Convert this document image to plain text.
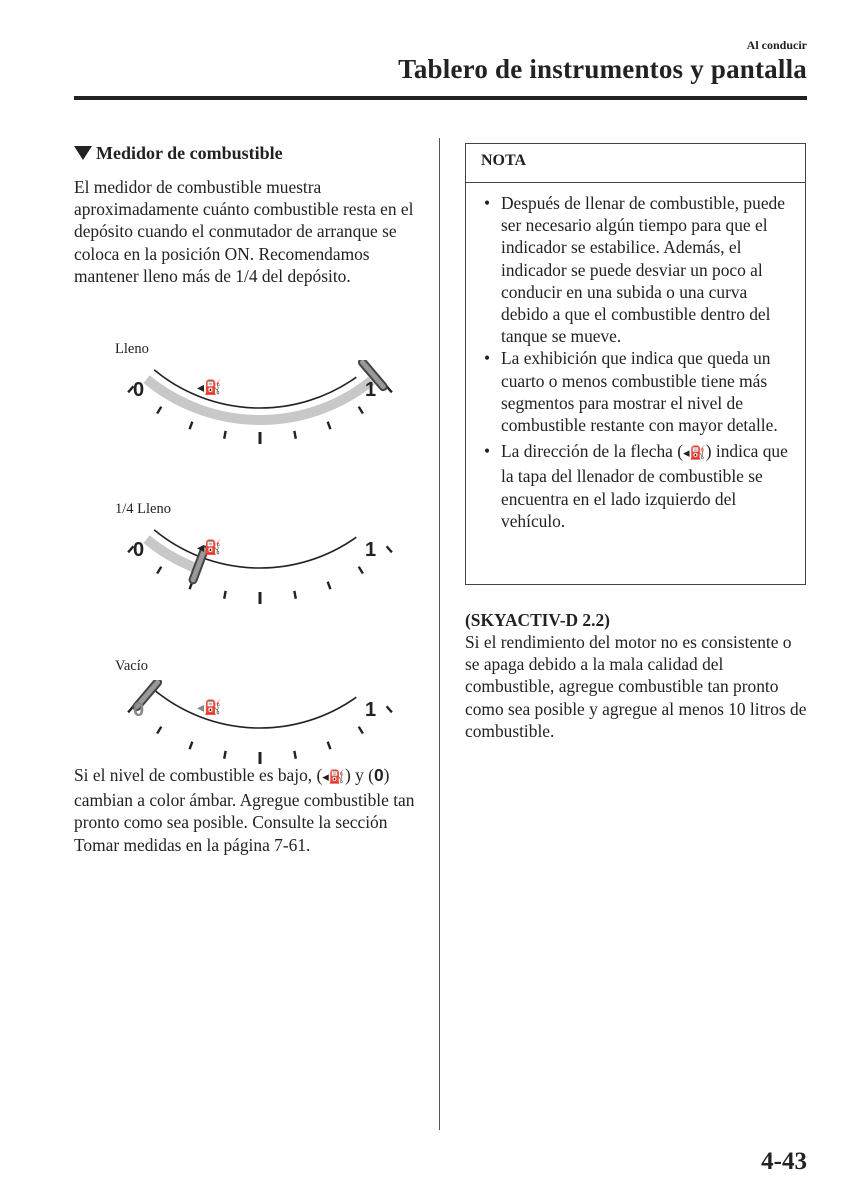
Al conducir
Tablero de instrumentos y pantalla
Medidor de combustible
El medidor de combustible muestra aproximadamente cuánto combustible resta en el depósito cuando el conmutador de arranque se coloca en la posición ON. Recomendamos mantener lleno más de 1/4 del depósito.
Lleno
0	1
◂⛽
1/4 Lleno
0	1
◂⛽
Vacío
0	1
◂⛽
Si el nivel de combustible es bajo, (◂⛽) y (0) cambian a color ámbar. Agregue combustible tan pronto como sea posible. Consulte la sección Tomar medidas en la página 7-61.
NOTA
• Después de llenar de combustible, puede ser necesario algún tiempo para que el indicador se estabilice. Además, el indicador se puede desviar un poco al conducir en una subida o una curva debido a que el combustible dentro del tanque se mueve.
• La exhibición que indica que queda un cuarto o menos combustible tiene más segmentos para mostrar el nivel de combustible restante con mayor detalle.
• La dirección de la flecha (◂⛽) indica que la tapa del llenador de combustible se encuentra en el lado izquierdo del vehículo.
(SKYACTIV-D 2.2)
Si el rendimiento del motor no es consistente o se apaga debido a la mala calidad del combustible, agregue combustible tan pronto como sea posible y agregue al menos 10 litros de combustible.
4-43
